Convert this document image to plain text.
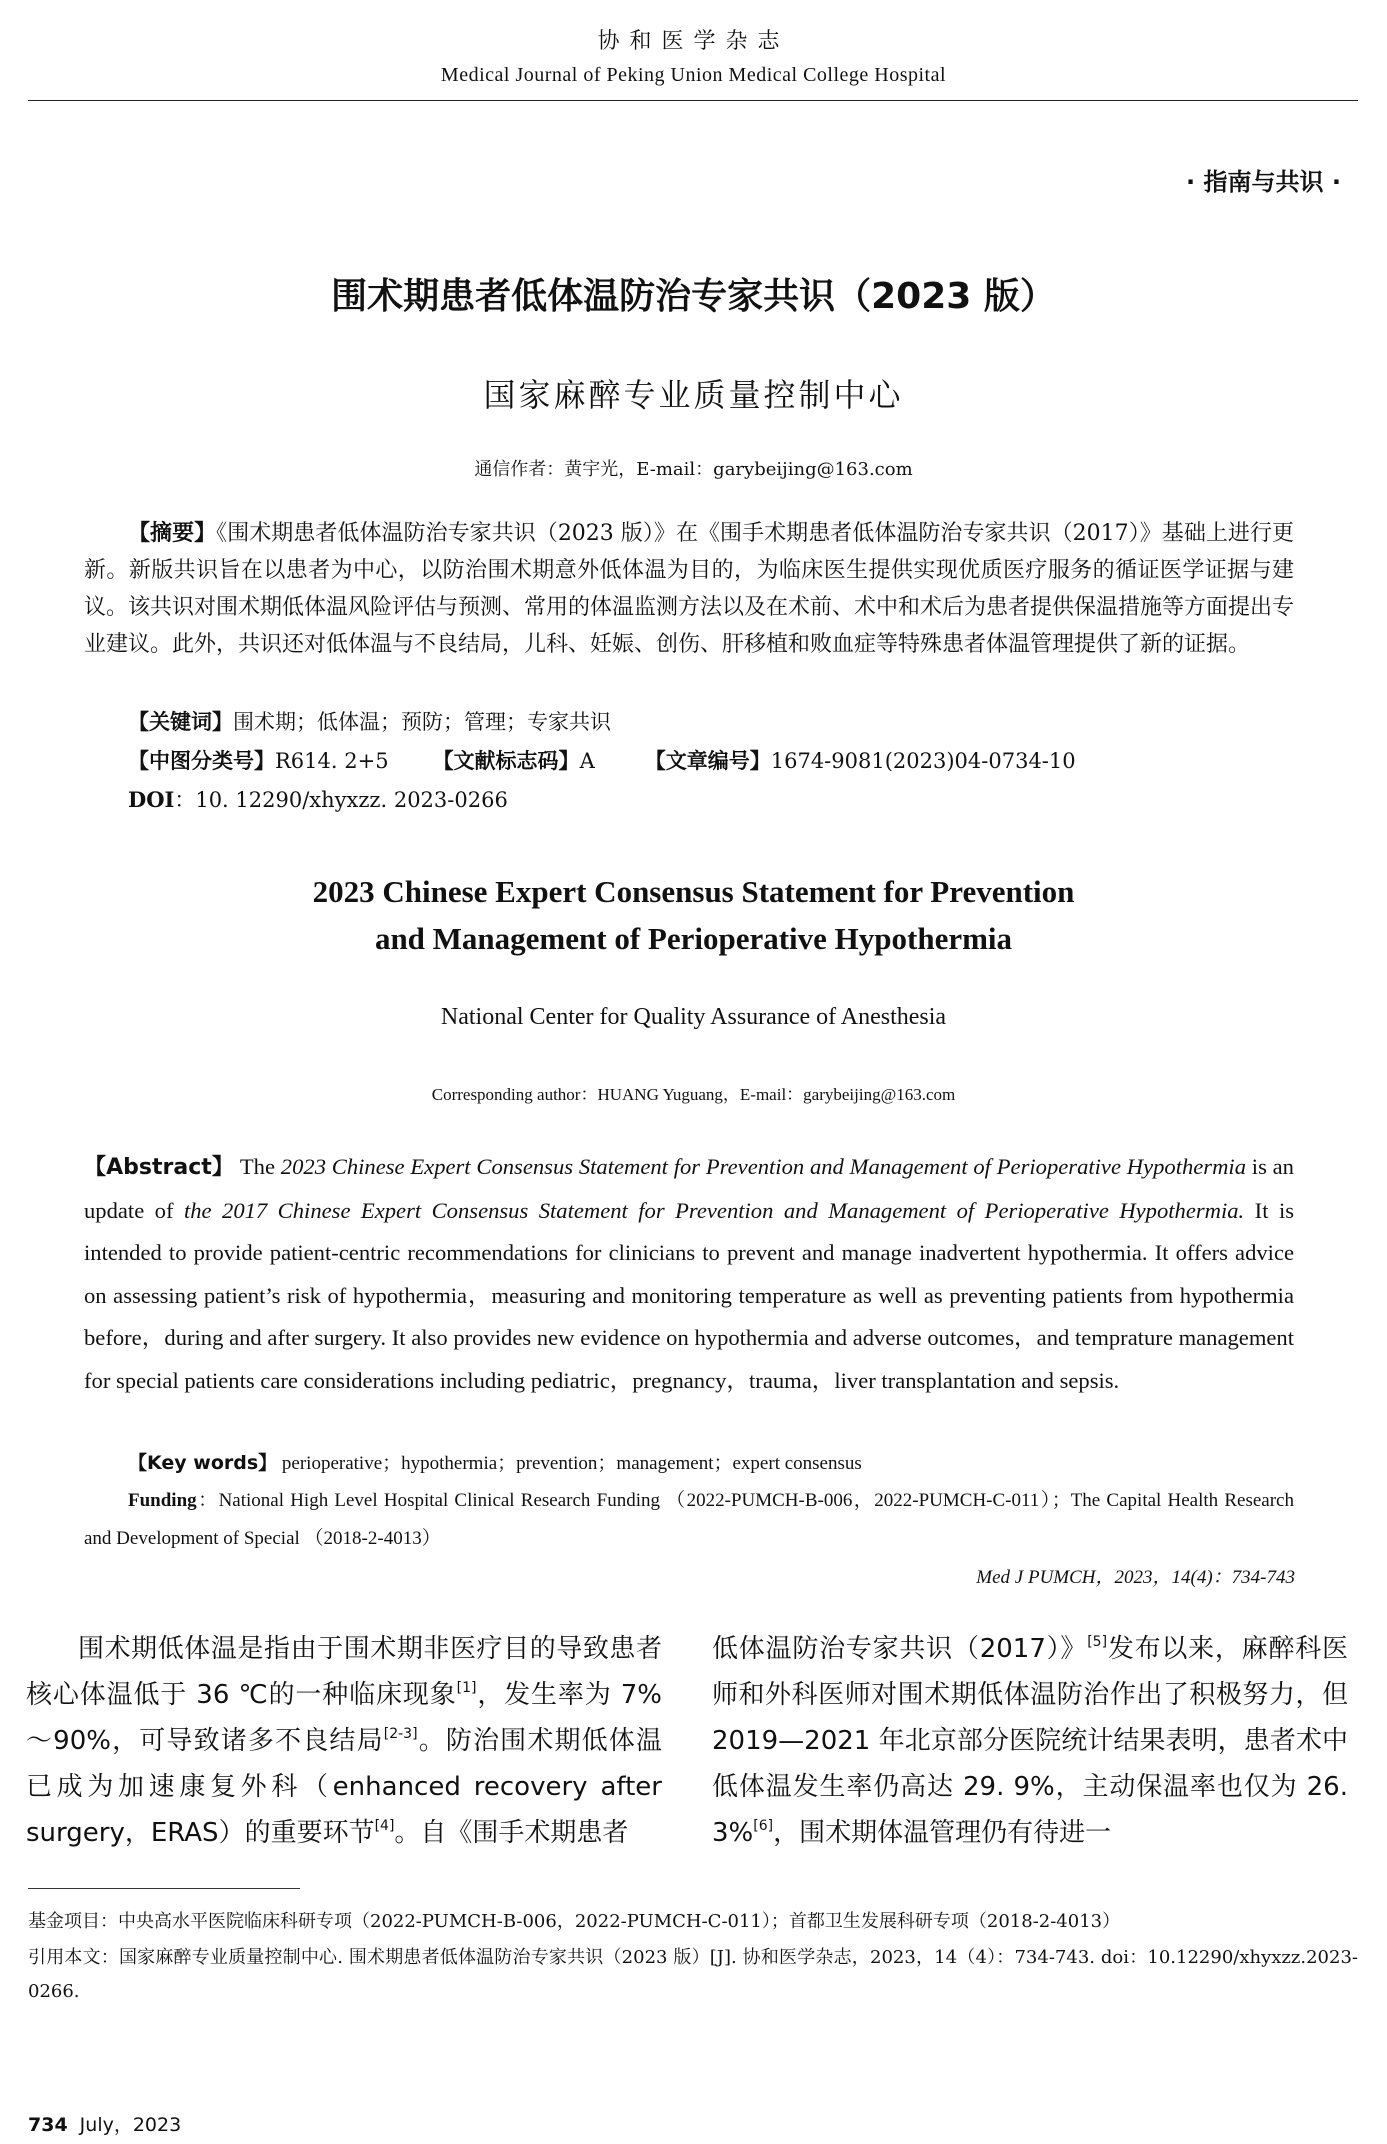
协和医学杂志
Medical Journal of Peking Union Medical College Hospital
· 指南与共识 ·
围术期患者低体温防治专家共识（2023 版）
国家麻醉专业质量控制中心
通信作者：黄宇光，E-mail：garybeijing@163.com

【摘要】《围术期患者低体温防治专家共识（2023 版）》在《围手术期患者低体温防治专家共识（2017）》基础上进行更新。新版共识旨在以患者为中心，以防治围术期意外低体温为目的，为临床医生提供实现优质医疗服务的循证医学证据与建议。该共识对围术期低体温风险评估与预测、常用的体温监测方法以及在术前、术中和术后为患者提供保温措施等方面提出专业建议。此外，共识还对低体温与不良结局，儿科、妊娠、创伤、肝移植和败血症等特殊患者体温管理提供了新的证据。

【关键词】围术期；低体温；预防；管理；专家共识
【中图分类号】R614. 2+5 【文献标志码】A 【文章编号】1674-9081(2023)04-0734-10
DOI：10. 12290/xhyxzz. 2023-0266
2023 Chinese Expert Consensus Statement for Prevention
and Management of Perioperative Hypothermia
National Center for Quality Assurance of Anesthesia
Corresponding author：HUANG Yuguang，E-mail：garybeijing@163.com
【Abstract】 The 2023 Chinese Expert Consensus Statement for Prevention and Management of Perioperative Hypothermia is an update of the 2017 Chinese Expert Consensus Statement for Prevention and Management of Perioperative Hypothermia. It is intended to provide patient-centric recommendations for clinicians to prevent and manage inadvertent hypothermia. It offers advice on assessing patient’s risk of hypothermia，measuring and monitoring temperature as well as preventing patients from hypothermia before，during and after surgery. It also provides new evidence on hypothermia and adverse outcomes，and temprature management for special patients care considerations including pediatric，pregnancy，trauma，liver transplantation and sepsis.
【Key words】 perioperative；hypothermia；prevention；management；expert consensus
Funding：National High Level Hospital Clinical Research Funding （2022-PUMCH-B-006，2022-PUMCH-C-011）；The Capital Health Research and Development of Special （2018-2-4013）
Med J PUMCH，2023，14(4)：734-743
围术期低体温是指由于围术期非医疗目的导致患者核心体温低于 36 ℃的一种临床现象[1]，发生率为 7%～90%，可导致诸多不良结局[2-3]。防治围术期低体温已成为加速康复外科（enhanced recovery after surgery，ERAS）的重要环节[4]。自《围手术期患者
低体温防治专家共识（2017）》[5]发布以来，麻醉科医师和外科医师对围术期低体温防治作出了积极努力，但 2019—2021 年北京部分医院统计结果表明，患者术中低体温发生率仍高达 29. 9%，主动保温率也仅为 26. 3%[6]，围术期体温管理仍有待进一
基金项目：中央高水平医院临床科研专项（2022-PUMCH-B-006，2022-PUMCH-C-011）；首都卫生发展科研专项（2018-2-4013）
引用本文：国家麻醉专业质量控制中心. 围术期患者低体温防治专家共识（2023 版）[J]. 协和医学杂志，2023，14（4）：734-743. doi：10.12290/xhyxzz.2023-0266.
734 July，2023
